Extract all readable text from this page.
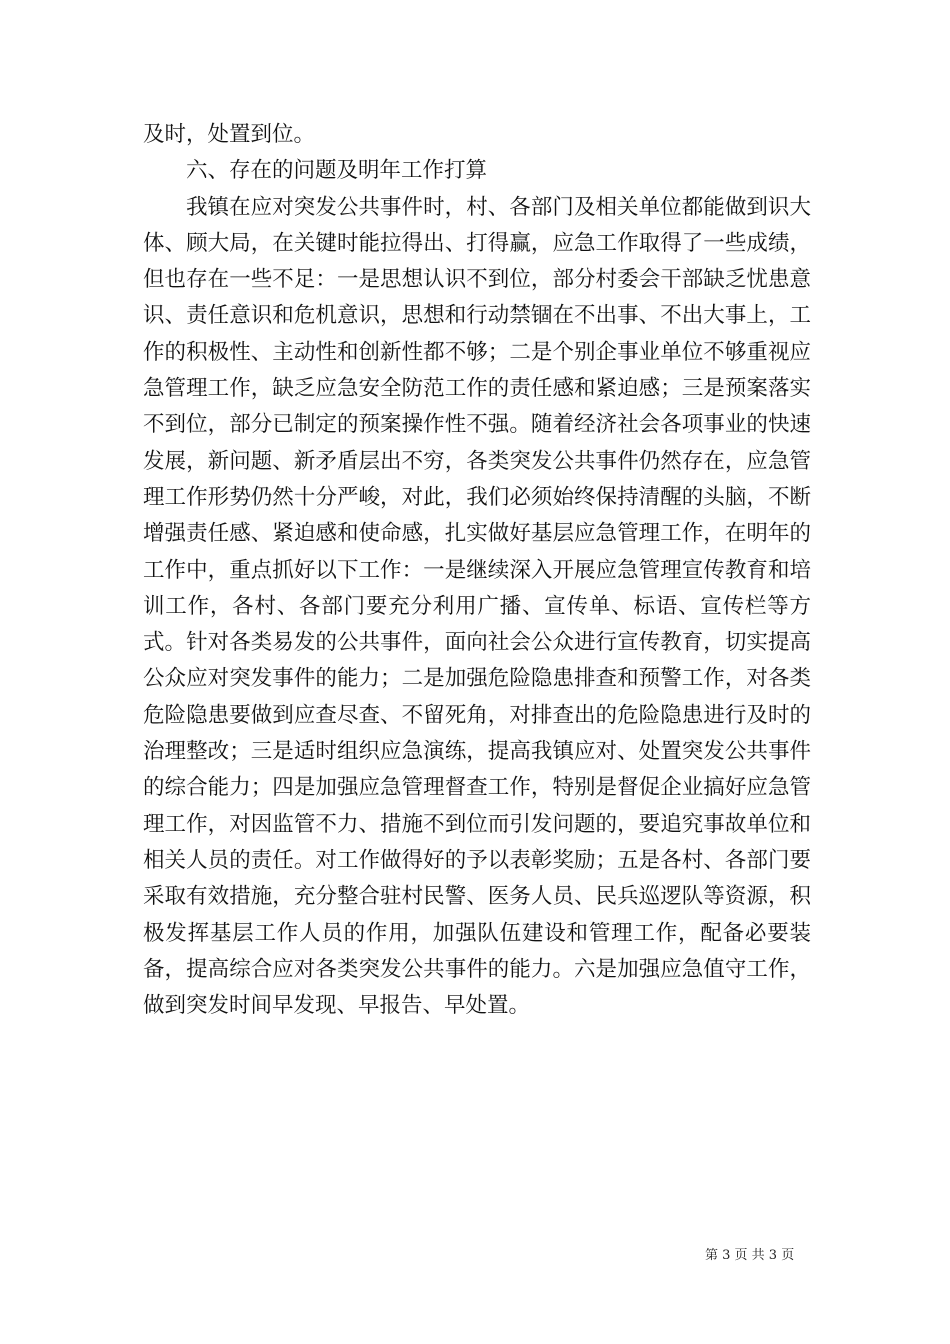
及时，处置到位。

六、存在的问题及明年工作打算

我镇在应对突发公共事件时，村、各部门及相关单位都能做到识大体、顾大局，在关键时能拉得出、打得赢，应急工作取得了一些成绩，但也存在一些不足：一是思想认识不到位，部分村委会干部缺乏忧患意识、责任意识和危机意识，思想和行动禁锢在不出事、不出大事上，工作的积极性、主动性和创新性都不够；二是个别企事业单位不够重视应急管理工作，缺乏应急安全防范工作的责任感和紧迫感；三是预案落实不到位，部分已制定的预案操作性不强。随着经济社会各项事业的快速发展，新问题、新矛盾层出不穷，各类突发公共事件仍然存在，应急管理工作形势仍然十分严峻，对此，我们必须始终保持清醒的头脑，不断增强责任感、紧迫感和使命感，扎实做好基层应急管理工作，在明年的工作中，重点抓好以下工作：一是继续深入开展应急管理宣传教育和培训工作，各村、各部门要充分利用广播、宣传单、标语、宣传栏等方式。针对各类易发的公共事件，面向社会公众进行宣传教育，切实提高公众应对突发事件的能力；二是加强危险隐患排查和预警工作，对各类危险隐患要做到应查尽查、不留死角，对排查出的危险隐患进行及时的治理整改；三是适时组织应急演练，提高我镇应对、处置突发公共事件的综合能力；四是加强应急管理督查工作，特别是督促企业搞好应急管理工作，对因监管不力、措施不到位而引发问题的，要追究事故单位和相关人员的责任。对工作做得好的予以表彰奖励；五是各村、各部门要采取有效措施，充分整合驻村民警、医务人员、民兵巡逻队等资源，积极发挥基层工作人员的作用，加强队伍建设和管理工作，配备必要装备，提高综合应对各类突发公共事件的能力。六是加强应急值守工作，做到突发时间早发现、早报告、早处置。

第 3 页 共 3 页
